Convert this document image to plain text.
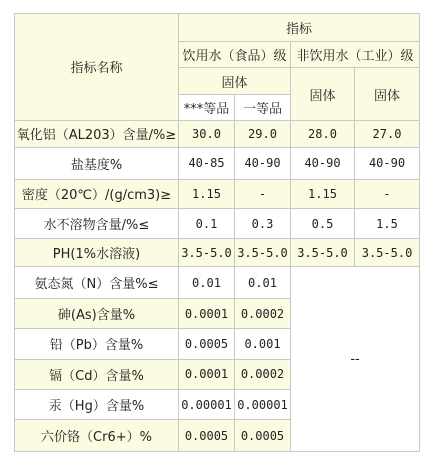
指标名称	指标			
	饮用水（食品）级		非饮用水（工业）级	
	固体		固体	固体
	***等品	一等品		
氧化铝（AL203）含量/%≥	30.0	29.0	28.0	27.0
盐基度%	40-85	40-90	40-90	40-90
密度（20℃）/(g/cm3)≥	1.15	-	1.15	-
水不溶物含量/%≤	0.1	0.3	0.5	1.5
PH(1%水溶液)	3.5-5.0	3.5-5.0	3.5-5.0	3.5-5.0
氨态氮（N）含量%≤	0.01	0.01	--	
砷(As)含量%	0.0001	0.0002		
铅（Pb）含量%	0.0005	0.001		
镉（Cd）含量%	0.0001	0.0002		
汞（Hg）含量%	0.00001	0.00001		
六价铬（Cr6+）%	0.0005	0.0005		
